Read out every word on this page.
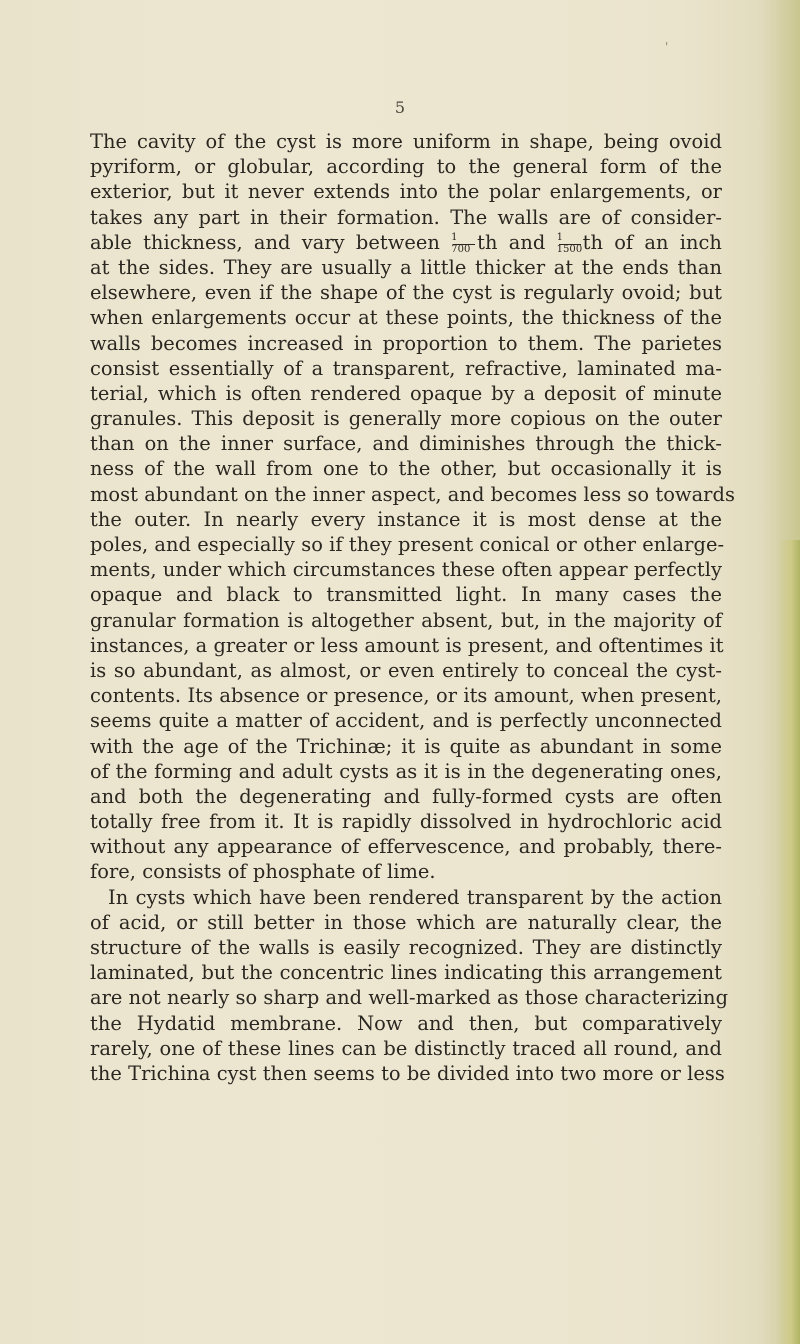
'
5
The cavity of the cyst is more uniform in shape, being ovoid
pyriform, or globular, according to the general form of the
exterior, but it never extends into the polar enlargements, or
takes any part in their formation. The walls are of consider-
able thickness, and vary between $\frac{1}{700}$ th and $\frac{1}{1500}$ th of an inch
at the sides. They are usually a little thicker at the ends than
elsewhere, even if the shape of the cyst is regularly ovoid; but
when enlargements occur at these points, the thickness of the
walls becomes increased in proportion to them. The parietes
consist essentially of a transparent, refractive, laminated ma-
terial, which is often rendered opaque by a deposit of minute
granules. This deposit is generally more copious on the outer
than on the inner surface, and diminishes through the thick-
ness of the wall from one to the other, but occasionally it is
most abundant on the inner aspect, and becomes less so towards
the outer. In nearly every instance it is most dense at the
poles, and especially so if they present conical or other enlarge-
ments, under which circumstances these often appear perfectly
opaque and black to transmitted light. In many cases the
granular formation is altogether absent, but, in the majority of
instances, a greater or less amount is present, and oftentimes it
is so abundant, as almost, or even entirely to conceal the cyst-
contents. Its absence or presence, or its amount, when present,
seems quite a matter of accident, and is perfectly unconnected
with the age of the Trichinæ; it is quite as abundant in some
of the forming and adult cysts as it is in the degenerating ones,
and both the degenerating and fully-formed cysts are often
totally free from it. It is rapidly dissolved in hydrochloric acid
without any appearance of effervescence, and probably, there-
fore, consists of phosphate of lime.
In cysts which have been rendered transparent by the action
of acid, or still better in those which are naturally clear, the
structure of the walls is easily recognized. They are distinctly
laminated, but the concentric lines indicating this arrangement
are not nearly so sharp and well-marked as those characterizing
the Hydatid membrane. Now and then, but comparatively
rarely, one of these lines can be distinctly traced all round, and
the Trichina cyst then seems to be divided into two more or less
